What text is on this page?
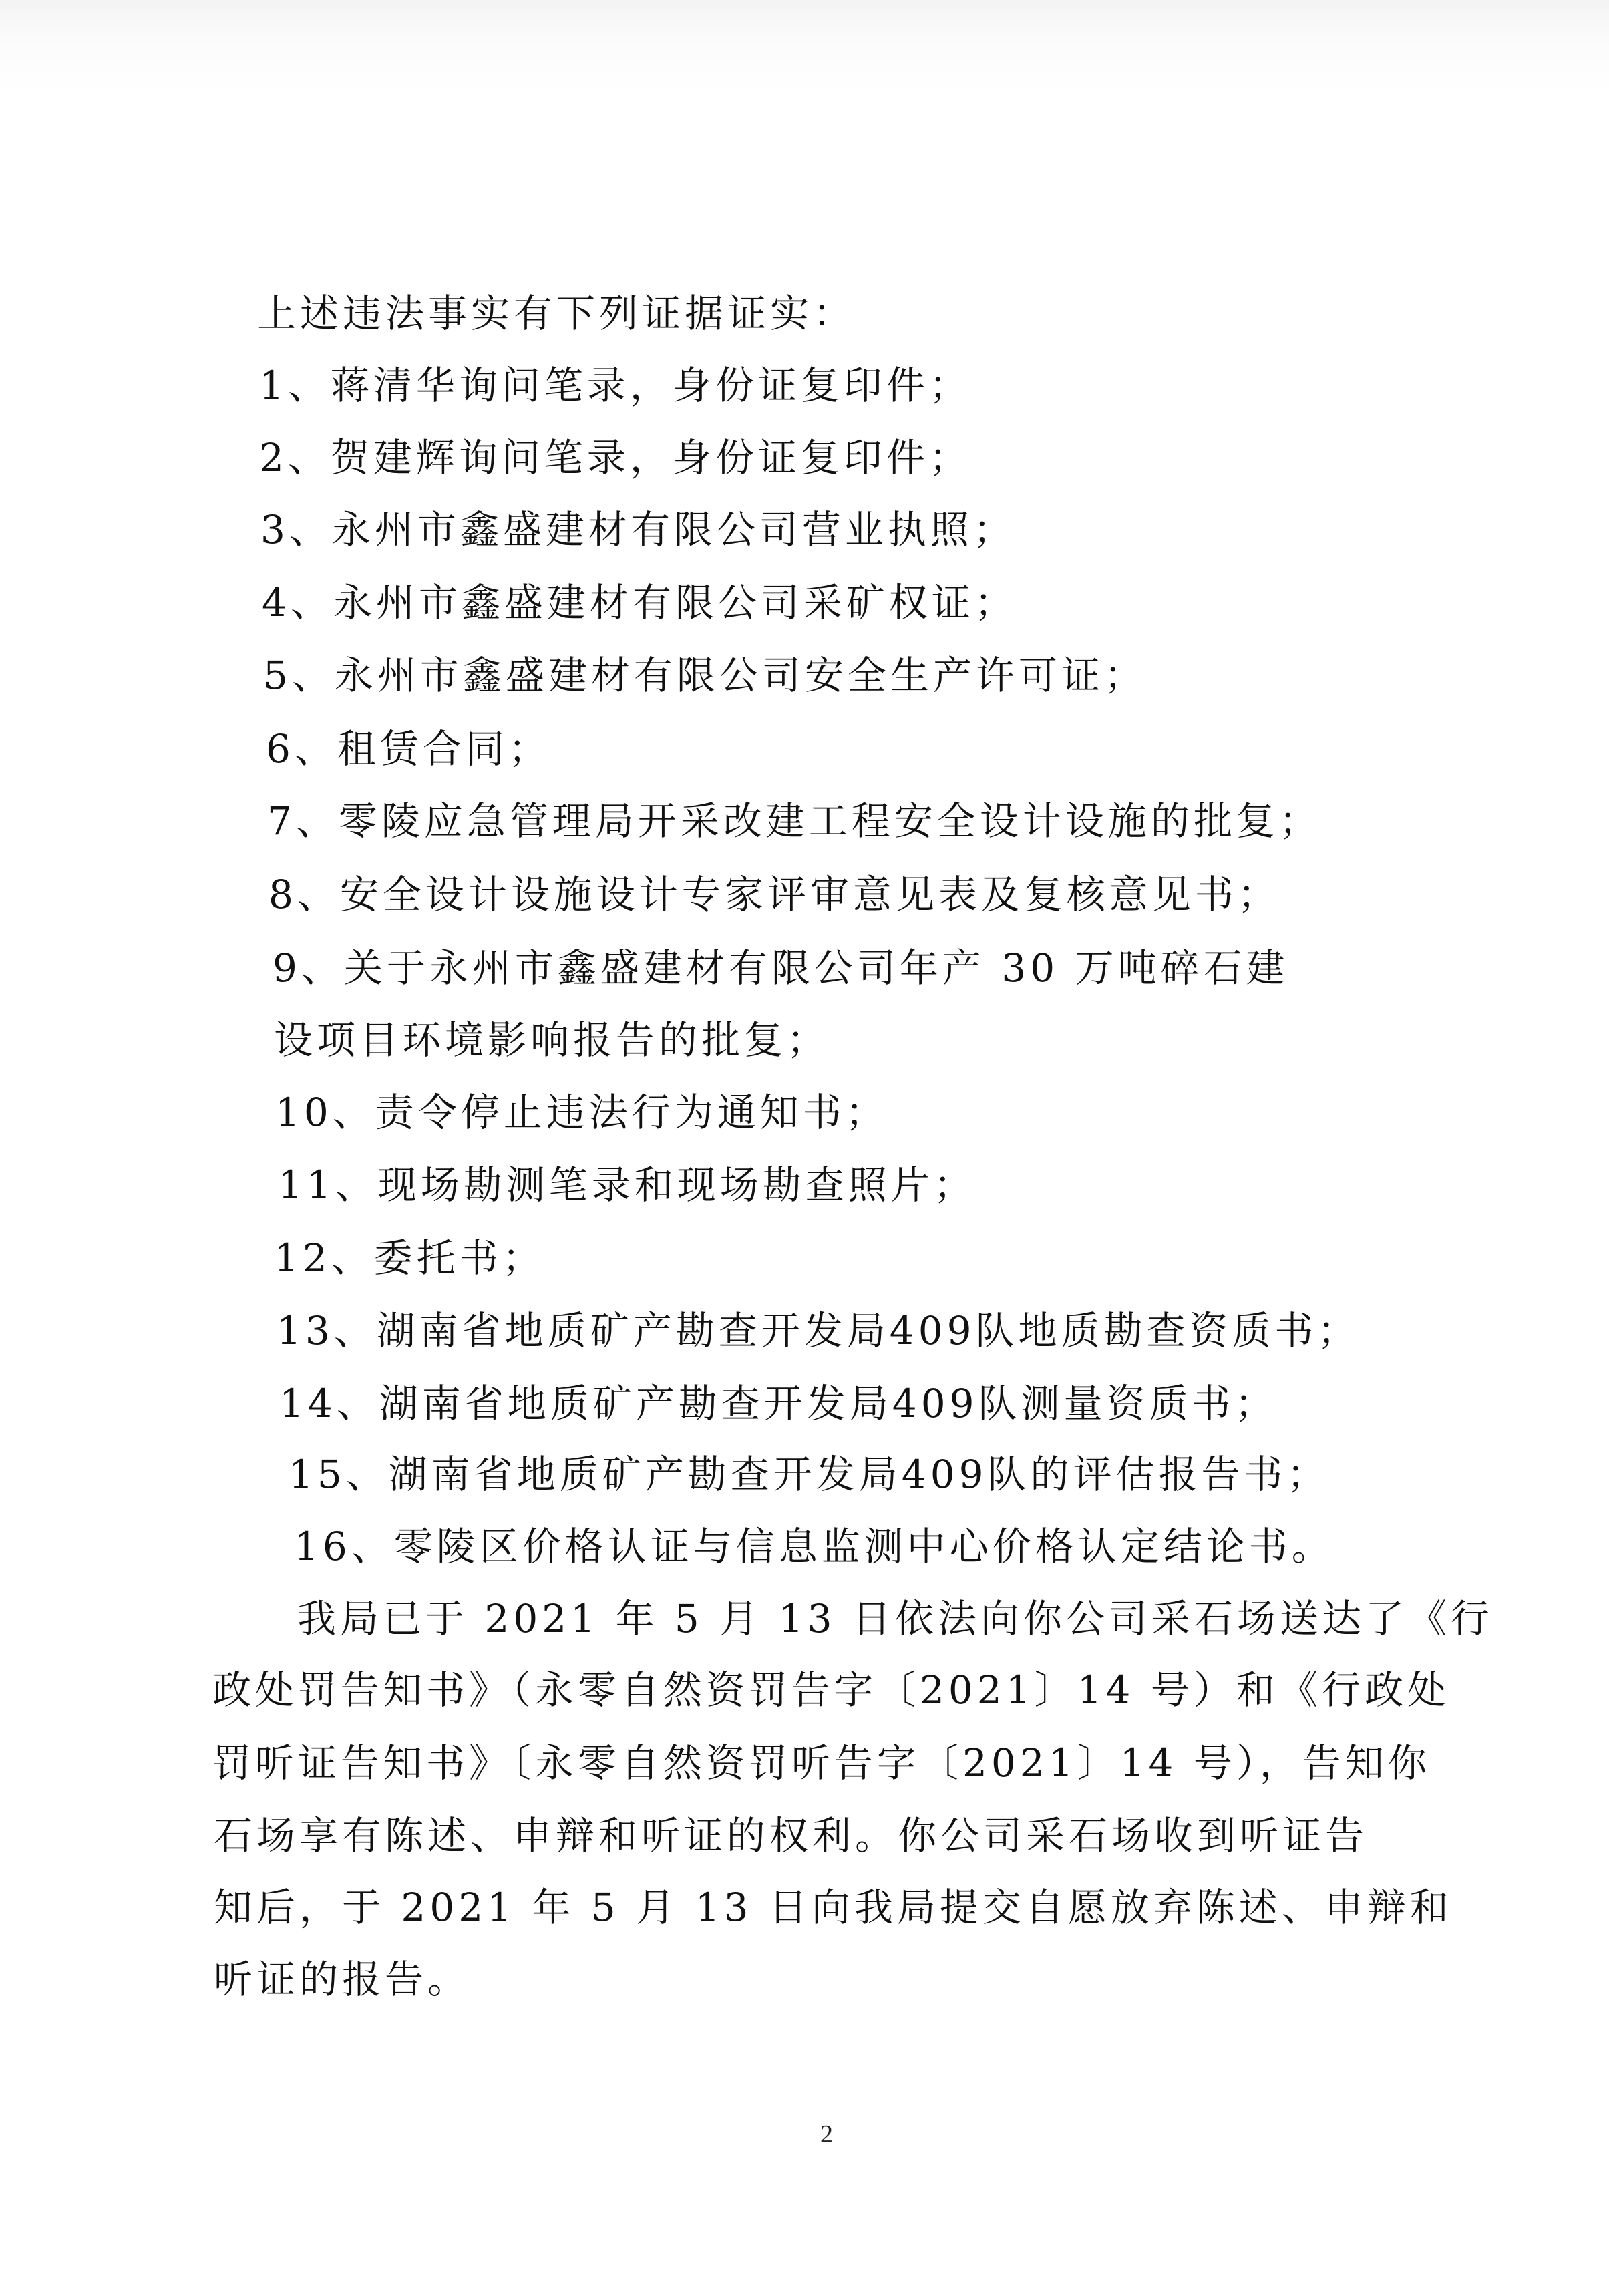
上述违法事实有下列证据证实：
1、蒋清华询问笔录，身份证复印件；
2、贺建辉询问笔录，身份证复印件；
3、永州市鑫盛建材有限公司营业执照；
4、永州市鑫盛建材有限公司采矿权证；
5、永州市鑫盛建材有限公司安全生产许可证；
6、租赁合同；
7、零陵应急管理局开采改建工程安全设计设施的批复；
8、安全设计设施设计专家评审意见表及复核意见书；
9、关于永州市鑫盛建材有限公司年产 30 万吨碎石建
设项目环境影响报告的批复；
10、责令停止违法行为通知书；
11、现场勘测笔录和现场勘查照片；
12、委托书；
13、湖南省地质矿产勘查开发局409队地质勘查资质书；
14、湖南省地质矿产勘查开发局409队测量资质书；
15、湖南省地质矿产勘查开发局409队的评估报告书；
16、零陵区价格认证与信息监测中心价格认定结论书。
我局已于 2021 年 5 月 13 日依法向你公司采石场送达了《行
政处罚告知书》（永零自然资罚告字〔2021〕14 号）和《行政处
罚听证告知书》〔永零自然资罚听告字〔2021〕14 号），告知你
石场享有陈述、申辩和听证的权利。你公司采石场收到听证告
知后，于 2021 年 5 月 13 日向我局提交自愿放弃陈述、申辩和
听证的报告。
2
